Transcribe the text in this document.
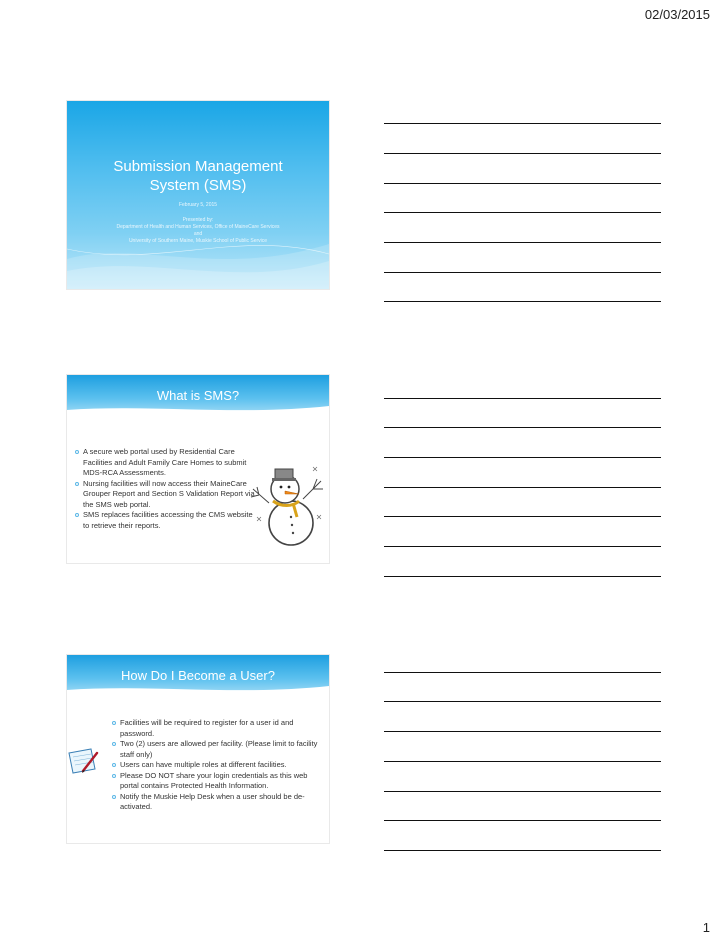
02/03/2015
Submission Management
System (SMS)
February 5, 2015
Presented by:
Department of Health and Human Services, Office of MaineCare Services
and
University of Southern Maine, Muskie School of Public Service
What is SMS?
A secure web portal used by Residential Care Facilities and Adult Family Care Homes to submit MDS-RCA Assessments.
Nursing facilities will now access their MaineCare Grouper Report and Section S Validation Report via the SMS web portal.
SMS replaces facilities accessing the CMS website to retrieve their reports.
How Do I Become a User?
Facilities will be required to register for a user id and password.
Two (2) users are allowed per facility. (Please limit to facility staff only)
Users can have multiple roles at different facilities.
Please DO NOT share your login credentials as this web portal contains Protected Health Information.
Notify the Muskie Help Desk when a user should be de-activated.
1
